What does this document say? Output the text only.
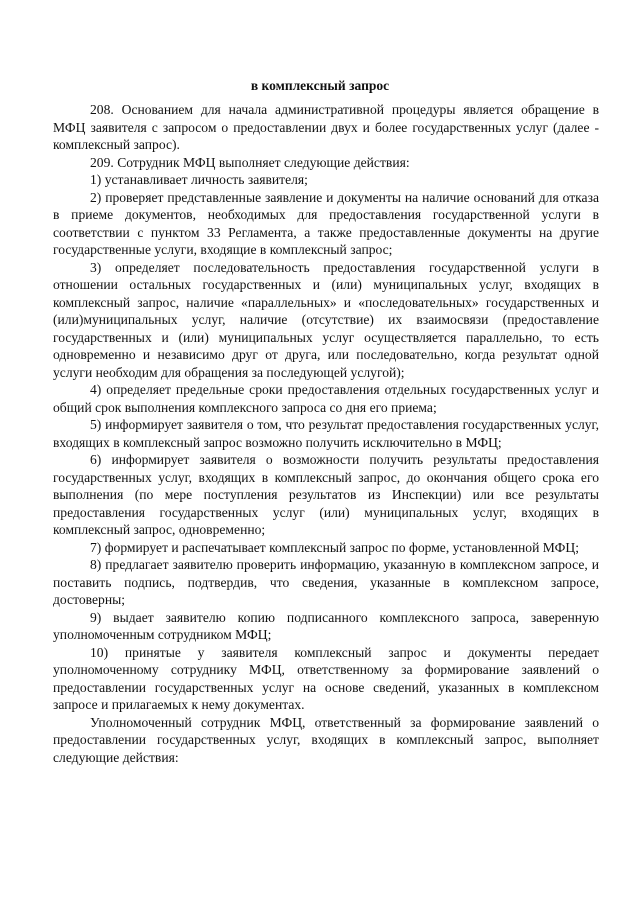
в комплексный запрос

208. Основанием для начала административной процедуры является обращение в МФЦ заявителя с запросом о предоставлении двух и более государственных услуг (далее - комплексный запрос).

209. Сотрудник МФЦ выполняет следующие действия:

1) устанавливает личность заявителя;

2) проверяет представленные заявление и документы на наличие оснований для отказа в приеме документов, необходимых для предоставления государственной услуги в соответствии с пунктом 33 Регламента, а также предоставленные документы на другие государственные услуги, входящие в комплексный запрос;

3) определяет последовательность предоставления государственной услуги в отношении остальных государственных и (или) муниципальных услуг, входящих в комплексный запрос, наличие «параллельных» и «последовательных» государственных и (или)муниципальных услуг, наличие (отсутствие) их взаимосвязи (предоставление государственных и (или) муниципальных услуг осуществляется параллельно, то есть одновременно и независимо друг от друга, или последовательно, когда результат одной услуги необходим для обращения за последующей услугой);

4) определяет предельные сроки предоставления отдельных государственных услуг и общий срок выполнения комплексного запроса со дня его приема;

5) информирует заявителя о том, что результат предоставления государственных услуг, входящих в комплексный запрос возможно получить исключительно в МФЦ;

6) информирует заявителя о возможности получить результаты предоставления государственных услуг, входящих в комплексный запрос, до окончания общего срока его выполнения (по мере поступления результатов из Инспекции) или все результаты предоставления государственных услуг (или) муниципальных услуг, входящих в комплексный запрос, одновременно;

7) формирует и распечатывает комплексный запрос по форме, установленной МФЦ;

8) предлагает заявителю проверить информацию, указанную в комплексном запросе, и поставить подпись, подтвердив, что сведения, указанные в комплексном запросе, достоверны;

9) выдает заявителю копию подписанного комплексного запроса, заверенную уполномоченным сотрудником МФЦ;

10) принятые у заявителя комплексный запрос и документы передает уполномоченному сотруднику МФЦ, ответственному за формирование заявлений о предоставлении государственных услуг на основе сведений, указанных в комплексном запросе и прилагаемых к нему документах.

Уполномоченный сотрудник МФЦ, ответственный за формирование заявлений о предоставлении государственных услуг, входящих в комплексный запрос, выполняет следующие действия:
